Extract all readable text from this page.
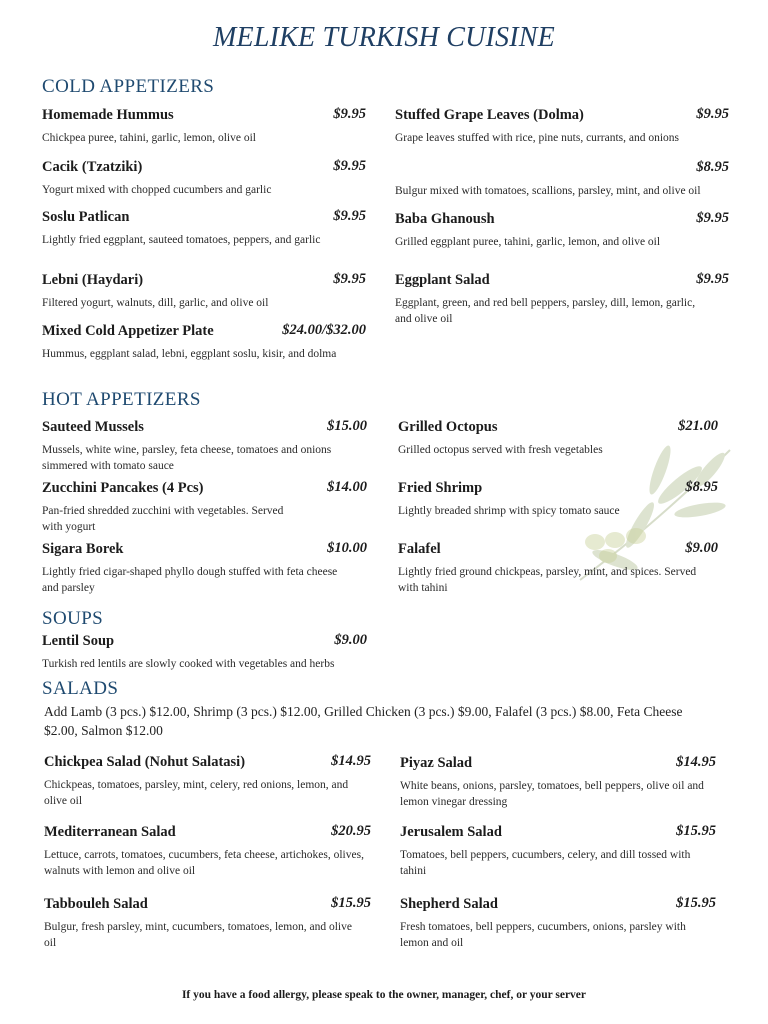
MELIKE TURKISH CUISINE
COLD APPETIZERS
Homemade Hummus	$9.95
Chickpea puree, tahini, garlic, lemon, olive oil
Cacik (Tzatziki)	$9.95
Yogurt mixed with chopped cucumbers and garlic
Soslu Patlican	$9.95
Lightly fried eggplant, sauteed tomatoes, peppers, and garlic
Lebni (Haydari)	$9.95
Filtered yogurt, walnuts, dill, garlic, and olive oil
Mixed Cold Appetizer Plate	$24.00/$32.00
Hummus, eggplant salad, lebni, eggplant soslu, kisir, and dolma
Stuffed Grape Leaves (Dolma)	$9.95
Grape leaves stuffed with rice, pine nuts, currants, and onions
$8.95
Bulgur mixed with tomatoes, scallions, parsley, mint, and olive oil
Baba Ghanoush	$9.95
Grilled eggplant puree, tahini, garlic, lemon, and olive oil
Eggplant Salad	$9.95
Eggplant, green, and red bell peppers, parsley, dill, lemon, garlic, and olive oil
HOT APPETIZERS
Sauteed Mussels	$15.00
Mussels, white wine, parsley, feta cheese, tomatoes and onions simmered with tomato sauce
Zucchini Pancakes (4 Pcs)	$14.00
Pan-fried shredded zucchini with vegetables. Served with yogurt
Sigara Borek	$10.00
Lightly fried cigar-shaped phyllo dough stuffed with feta cheese and parsley
Grilled Octopus	$21.00
Grilled octopus served with fresh vegetables
Fried Shrimp	$8.95
Lightly breaded shrimp with spicy tomato sauce
Falafel	$9.00
Lightly fried ground chickpeas, parsley, mint, and spices. Served with tahini
SOUPS
Lentil Soup	$9.00
Turkish red lentils are slowly cooked with vegetables and herbs
SALADS
Add Lamb (3 pcs.) $12.00, Shrimp (3 pcs.) $12.00, Grilled Chicken (3 pcs.) $9.00, Falafel (3 pcs.) $8.00, Feta Cheese $2.00, Salmon $12.00
Chickpea Salad (Nohut Salatasi)	$14.95
Chickpeas, tomatoes, parsley, mint, celery, red onions, lemon, and olive oil
Mediterranean Salad	$20.95
Lettuce, carrots, tomatoes, cucumbers, feta cheese, artichokes, olives, walnuts with lemon and olive oil
Tabbouleh Salad	$15.95
Bulgur, fresh parsley, mint, cucumbers, tomatoes, lemon, and olive oil
Piyaz Salad	$14.95
White beans, onions, parsley, tomatoes, bell peppers, olive oil and lemon vinegar dressing
Jerusalem Salad	$15.95
Tomatoes, bell peppers, cucumbers, celery, and dill tossed with tahini
Shepherd Salad	$15.95
Fresh tomatoes, bell peppers, cucumbers, onions, parsley with lemon and oil
If you have a food allergy, please speak to the owner, manager, chef, or your server
